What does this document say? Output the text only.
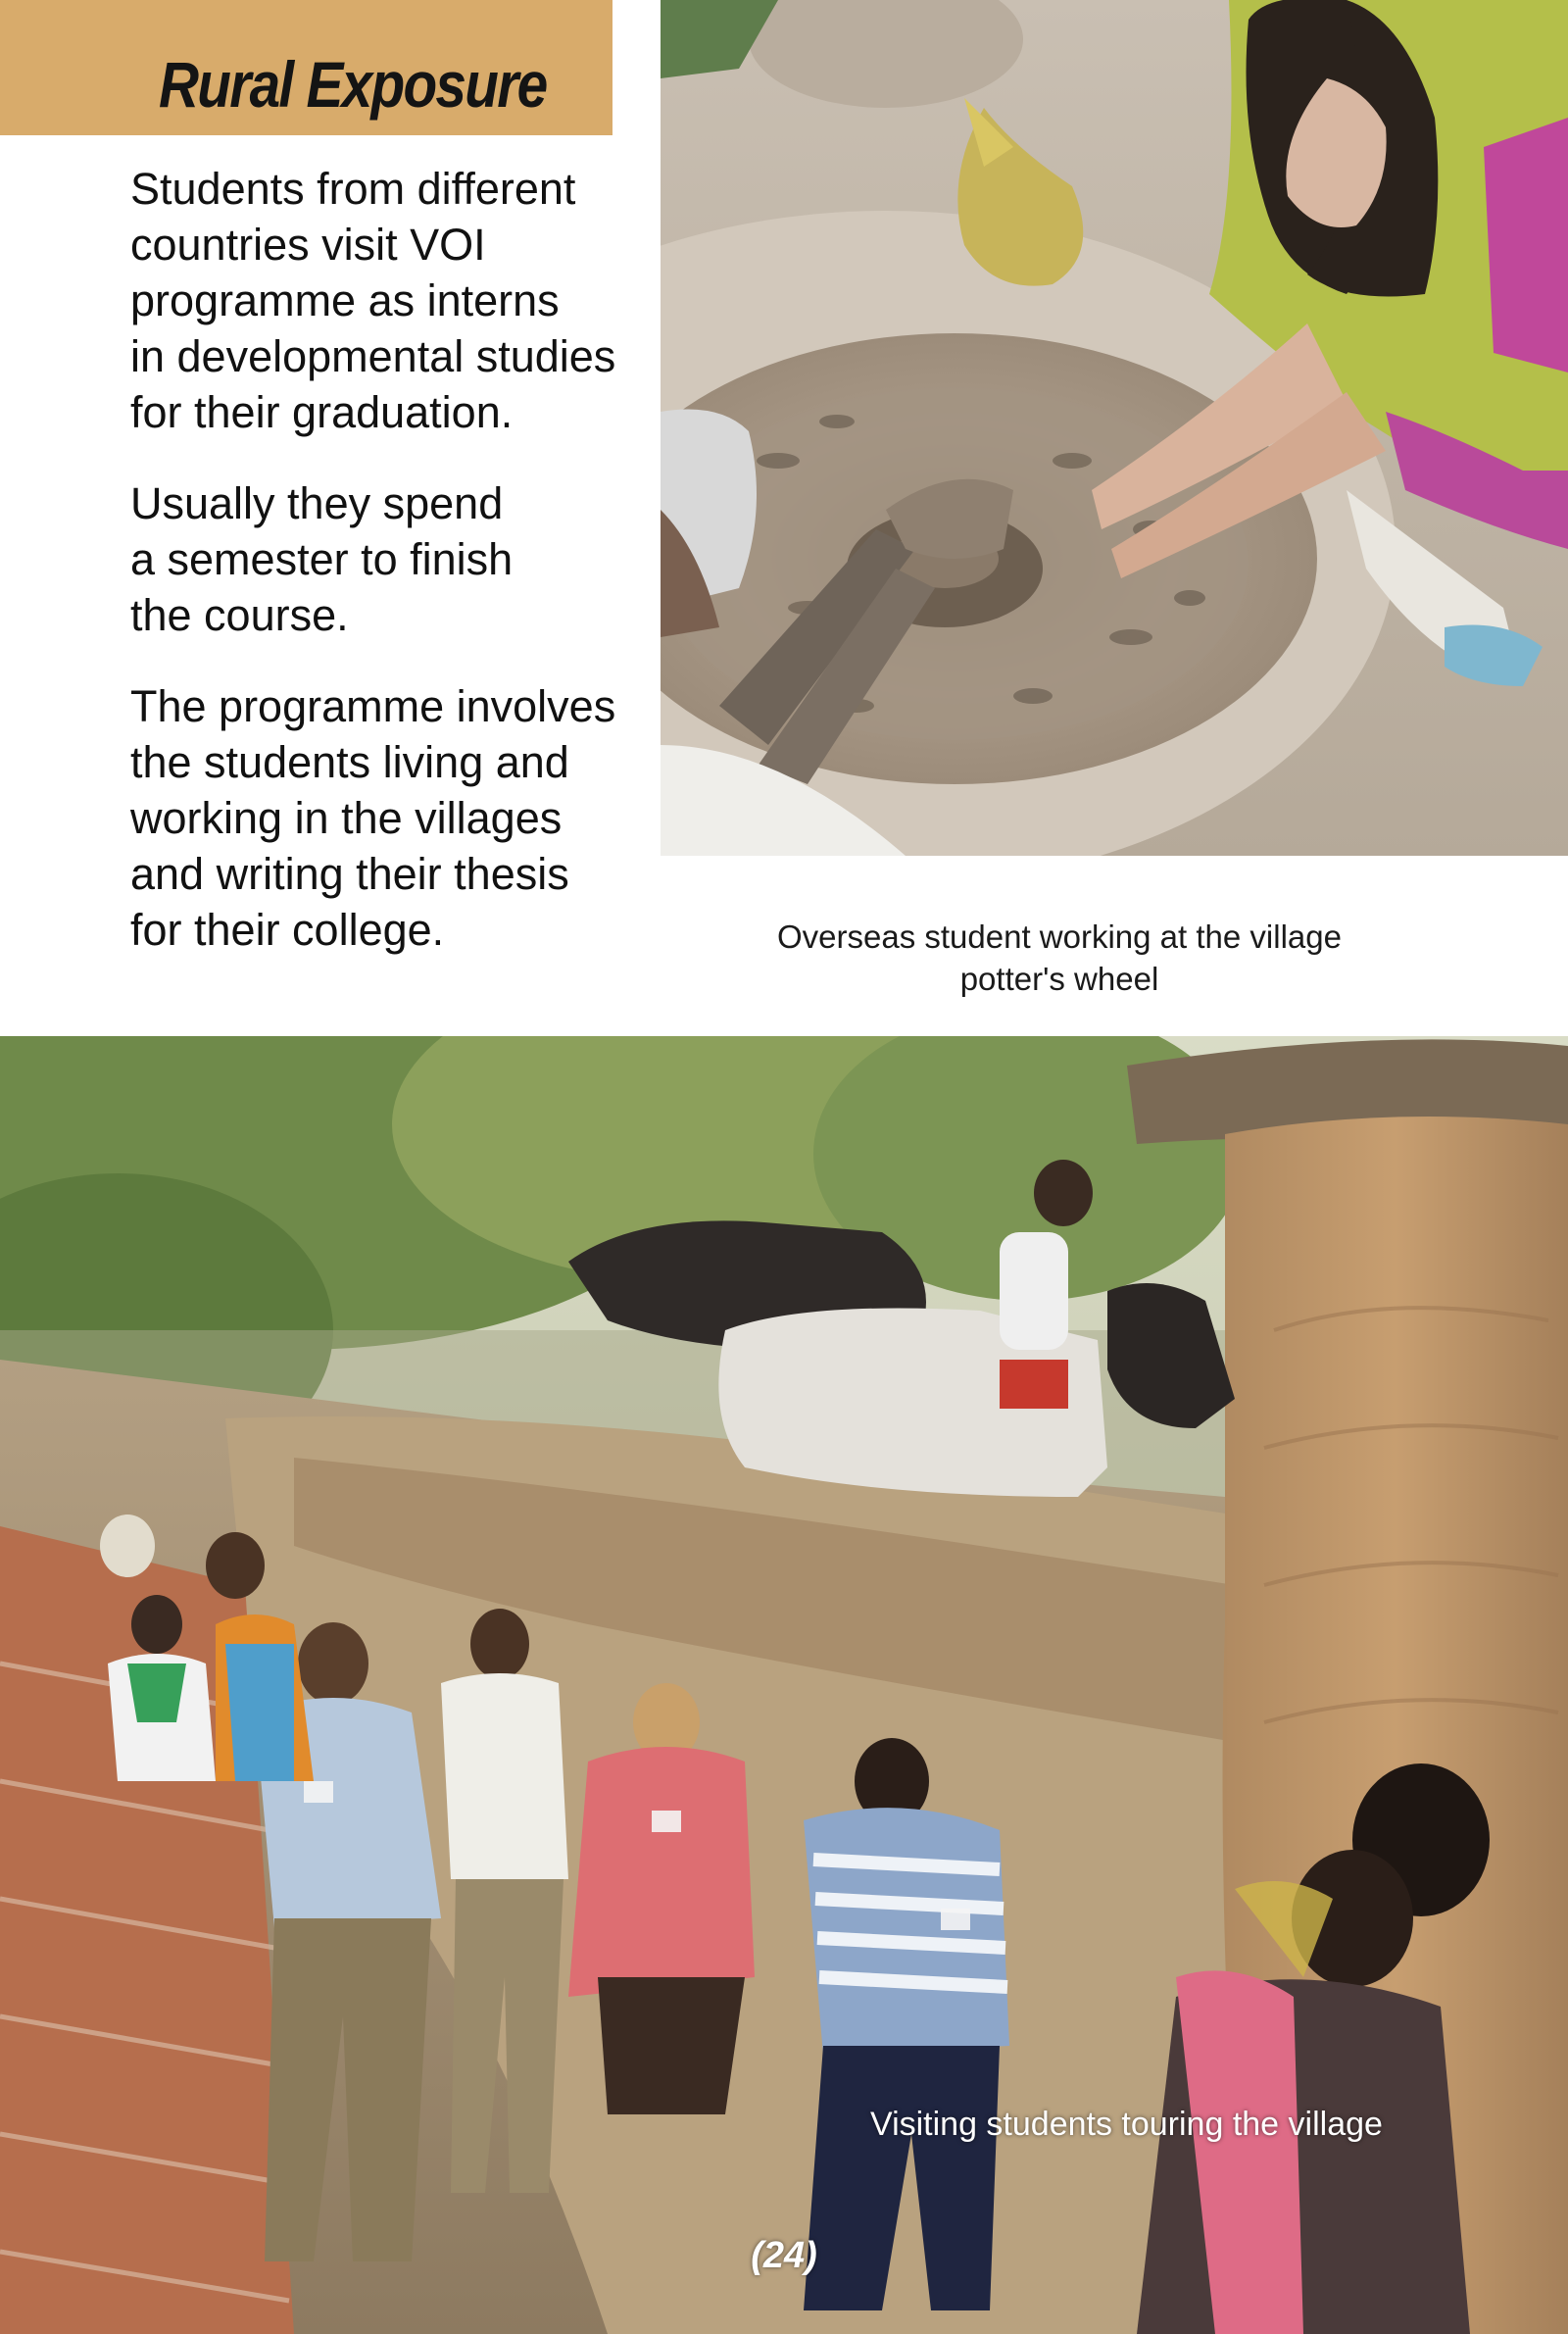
Rural Exposure

Students from different
countries visit VOI
programme as interns
in developmental studies
for their graduation.

Usually they spend
a semester to finish
the course.

The programme involves
the students living and
working in the villages
and writing their thesis
for their college.	Overseas student working at the village
potter's wheel
Visiting students touring the village
(24)
